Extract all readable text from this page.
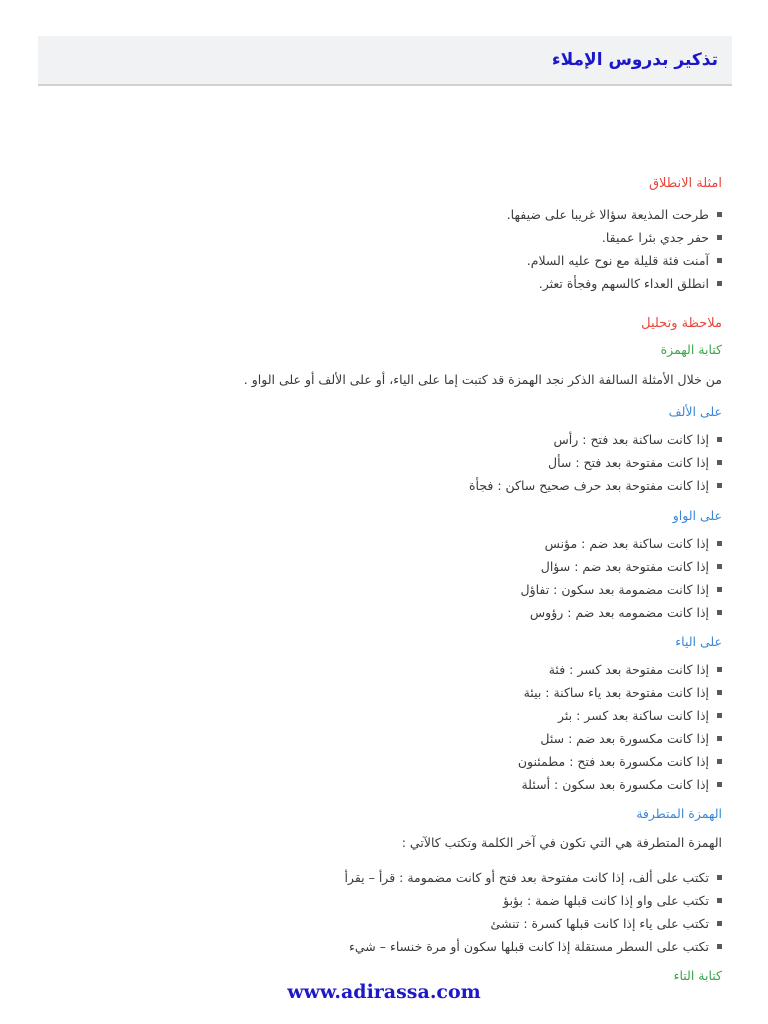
تذكير بدروس الإملاء
امثلة الانطلاق
طرحت المذيعة سؤالا غريبا على ضيفها.
حفر جدي بئرا عميقا.
آمنت فئة قليلة مع نوح عليه السلام.
انطلق العداء كالسهم وفجأة تعثر.
ملاحظة وتحليل
كتابة الهمزة
من خلال الأمثلة السالفة الذكر نجد الهمزة قد كتبت إما على الياء، أو على الألف أو على الواو .
على الألف
إذا كانت ساكنة بعد فتح : رأس
إذا كانت مفتوحة بعد فتح : سأل
إذا كانت مفتوحة بعد حرف صحيح ساكن : فجأة
على الواو
إذا كانت ساكنة بعد ضم : مؤنس
إذا كانت مفتوحة بعد ضم : سؤال
إذا كانت مضمومة بعد سكون : تفاؤل
إذا كانت مضمومه بعد ضم : رؤوس
على الياء
إذا كانت مفتوحة بعد كسر : فئة
إذا كانت مفتوحة بعد ياء ساكنة : بيئة
إذا كانت ساكنة بعد كسر : بئر
إذا كانت مكسورة بعد ضم : سئل
إذا كانت مكسورة بعد فتح : مطمئنون
إذا كانت مكسورة بعد سكون : أسئلة
الهمزة المتطرفة
الهمزة المتطرفة هي التي تكون في آخر الكلمة وتكتب كالآتي :
تكتب على ألف، إذا كانت مفتوحة بعد فتح أو كانت مضمومة : قرأ – يقرأ
تكتب على واو إذا كانت قبلها ضمة : بؤبؤ
تكتب على ياء إذا كانت قبلها كسرة : تنشئ
تكتب على السطر مستقلة إذا كانت قبلها سكون أو مرة خنساء – شيء
كتابة التاء
www.adirassa.com
